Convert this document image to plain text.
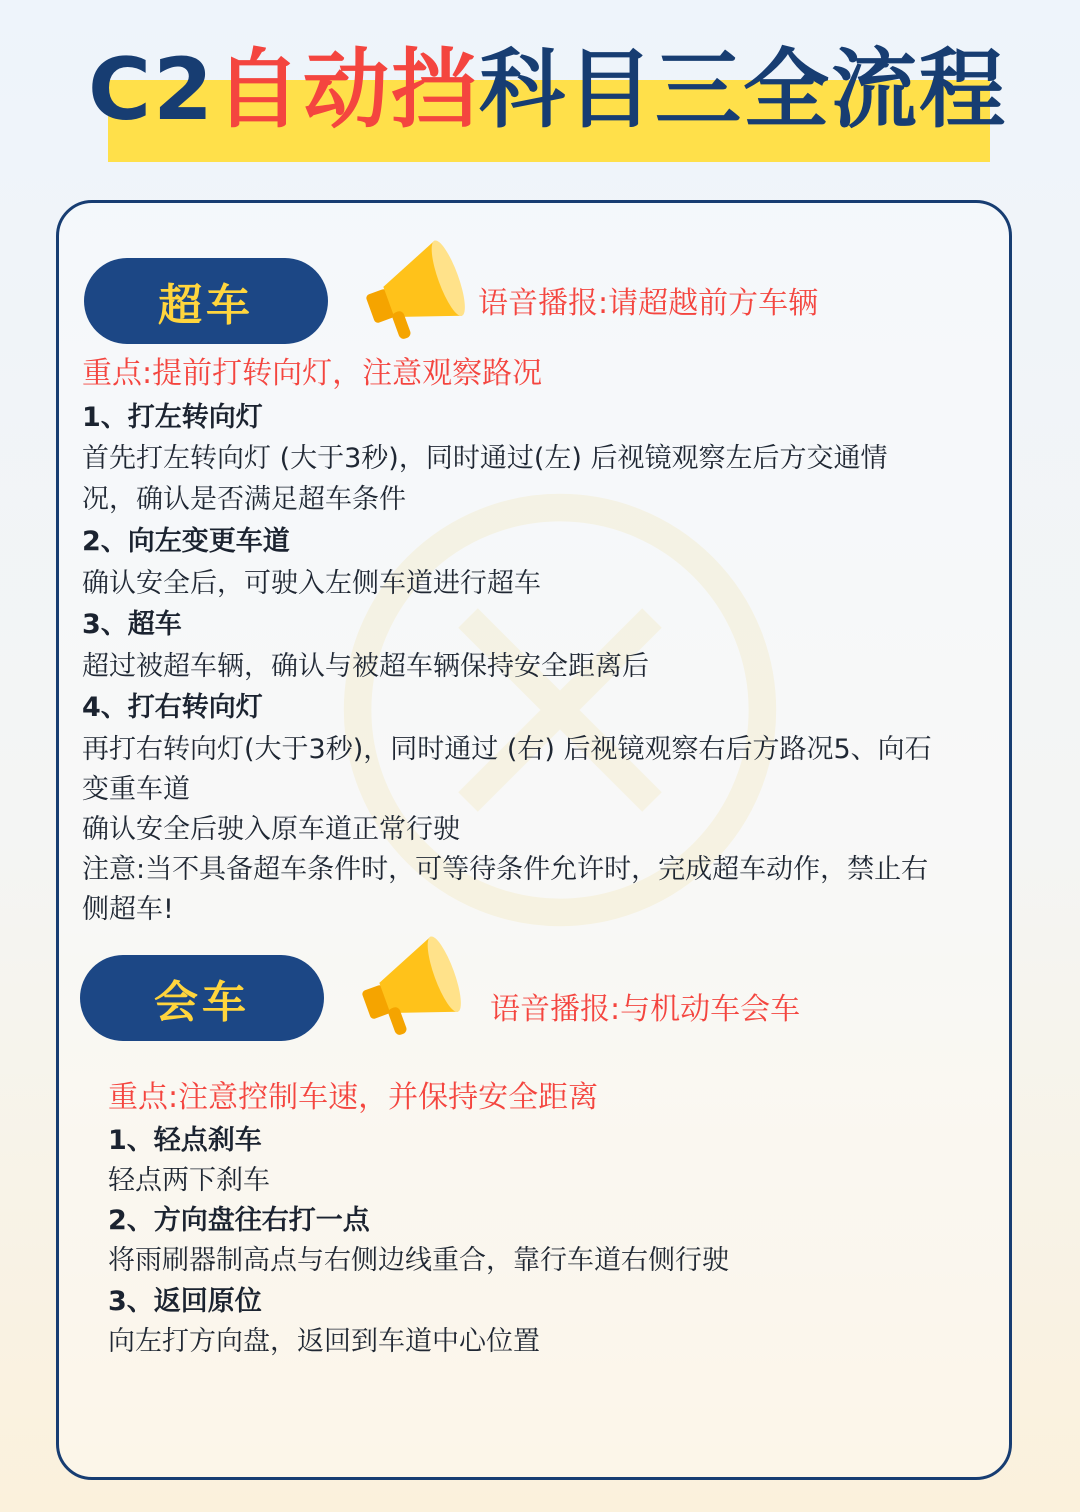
C2 自动挡 科目三全流程
超车	语音播报:请超越前方车辆
重点:提前打转向灯，注意观察路况
1、打左转向灯
首先打左转向灯 (大于3秒)，同时通过(左) 后视镜观察左后方交通情
况，确认是否满足超车条件
2、向左变更车道
确认安全后，可驶入左侧车道进行超车
3、超车
超过被超车辆，确认与被超车辆保持安全距离后
4、打右转向灯
再打右转向灯(大于3秒)，同时通过 (右) 后视镜观察右后方路况5、向石
变重车道
确认安全后驶入原车道正常行驶
注意:当不具备超车条件时，可等待条件允许时，完成超车动作，禁止右
侧超车!
会车	语音播报:与机动车会车
重点:注意控制车速，并保持安全距离
1、轻点刹车
轻点两下刹车
2、方向盘往右打一点
将雨刷器制高点与右侧边线重合，靠行车道右侧行驶
3、返回原位
向左打方向盘，返回到车道中心位置
